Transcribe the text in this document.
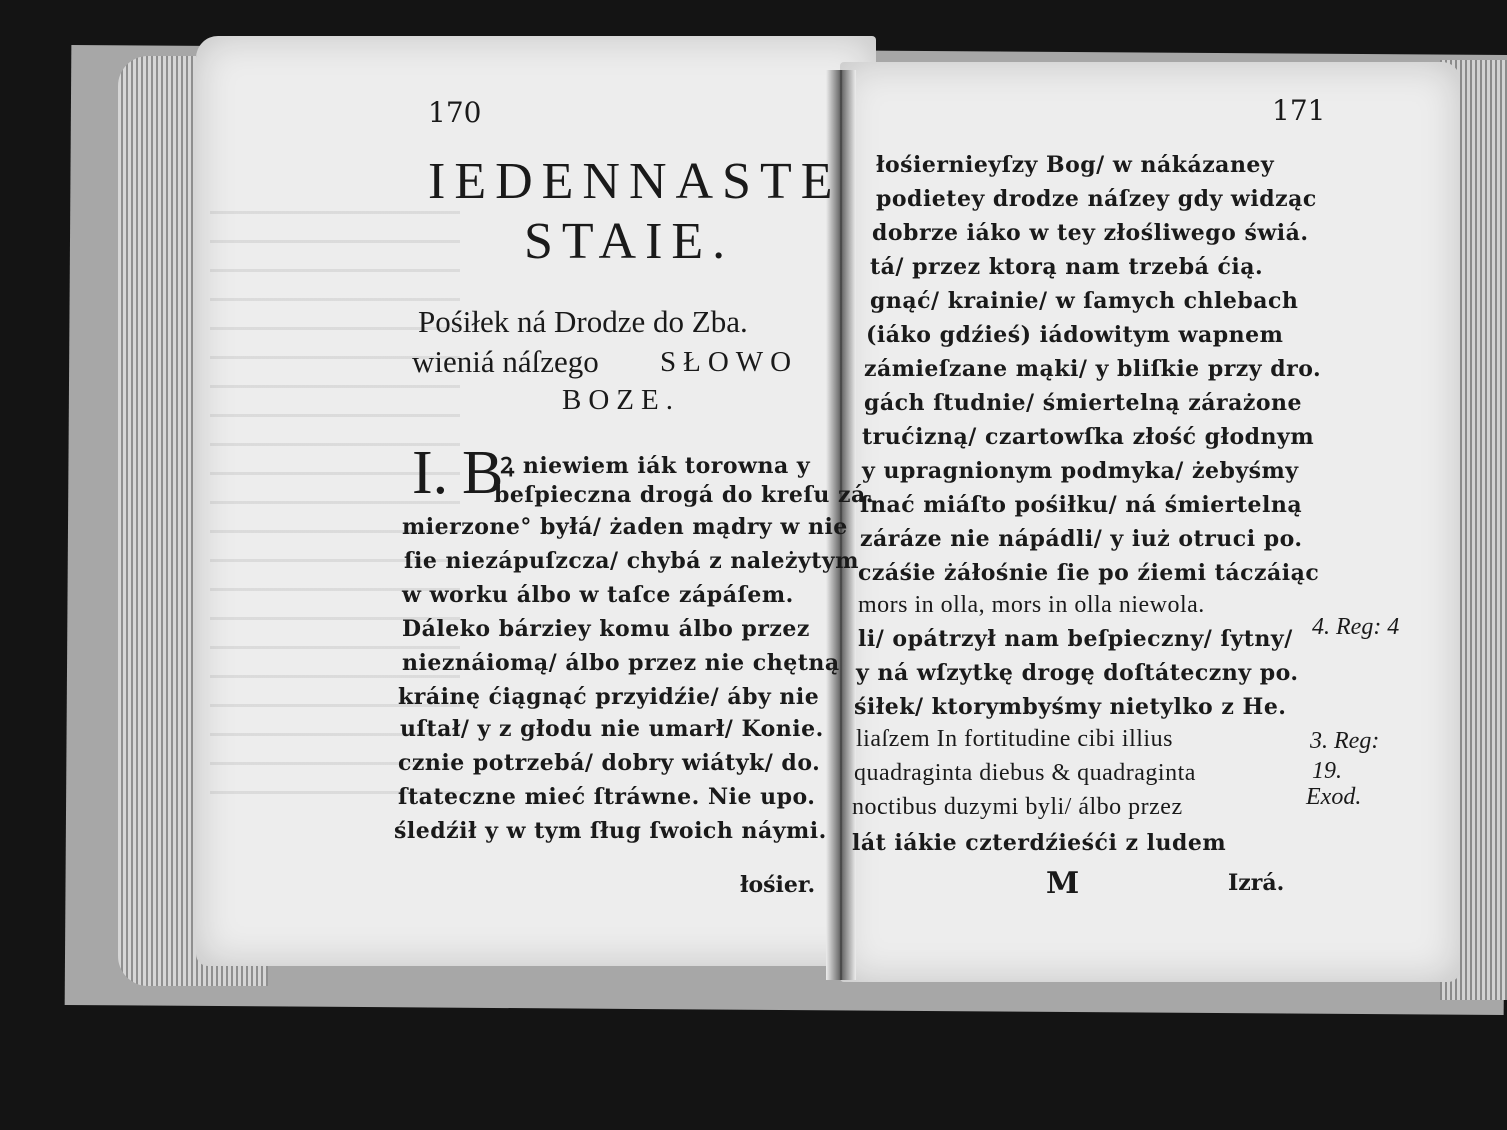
170
IEDENNASTE
STAIE.
Pośiłek ná Drodze do Zba.
wieniá náſzego SŁOWO
BOZE.
I. B
Ꝝ niewiem iák torowna y
beſpieczna drogá do kreſu zá.
mierzone° byłá/ żaden mądry w nie
ſie niezápuſzcza/ chybá z należytym
w worku álbo w taſce zápáſem.
Dáleko bárziey komu álbo przez
nieznáiomą/ álbo przez nie chętną
kráinę ćiągnąć przyidźie/ áby nie
uſtał/ y z głodu nie umarł/ Konie.
cznie potrzebá/ dobry wiátyk/ do.
ſtateczne mieć ſtráwne. Nie upo.
śledźił y w tym ſług ſwoich náymi.
łośier.
171
łośiernieyſzy Bog/ w nákázaney
podietey drodze náſzey gdy widząc
dobrze iáko w tey złośliwego świá.
tá/ przez ktorą nam trzebá ćią.
gnąć/ krainie/ w ſamych chlebach
(iáko gdźieś) iádowitym wapnem
zámieſzane mąki/ y bliſkie przy dro.
gách ſtudnie/ śmiertelną zárażone
trućizną/ czartowſka złość głodnym
y upragnionym podmyka/ żebyśmy
ſnać miáſto pośiłku/ ná śmiertelną
záráze nie nápádli/ y iuż otruci po.
czáśie żáłośnie ſie po źiemi táczáiąc
mors in olla, mors in olla niewola.
li/ opátrzył nam beſpieczny/ ſytny/
y ná wſzytkę drogę doſtáteczny po.
śiłek/ ktorymbyśmy nietylko z He.
liaſzem In fortitudine cibi illius
quadraginta diebus & quadraginta
noctibus duzymi byli/ álbo przez
lát iákie czterdźieśći z ludem
M	Izrá.
4. Reg: 4
3. Reg:
19.
Exod.
